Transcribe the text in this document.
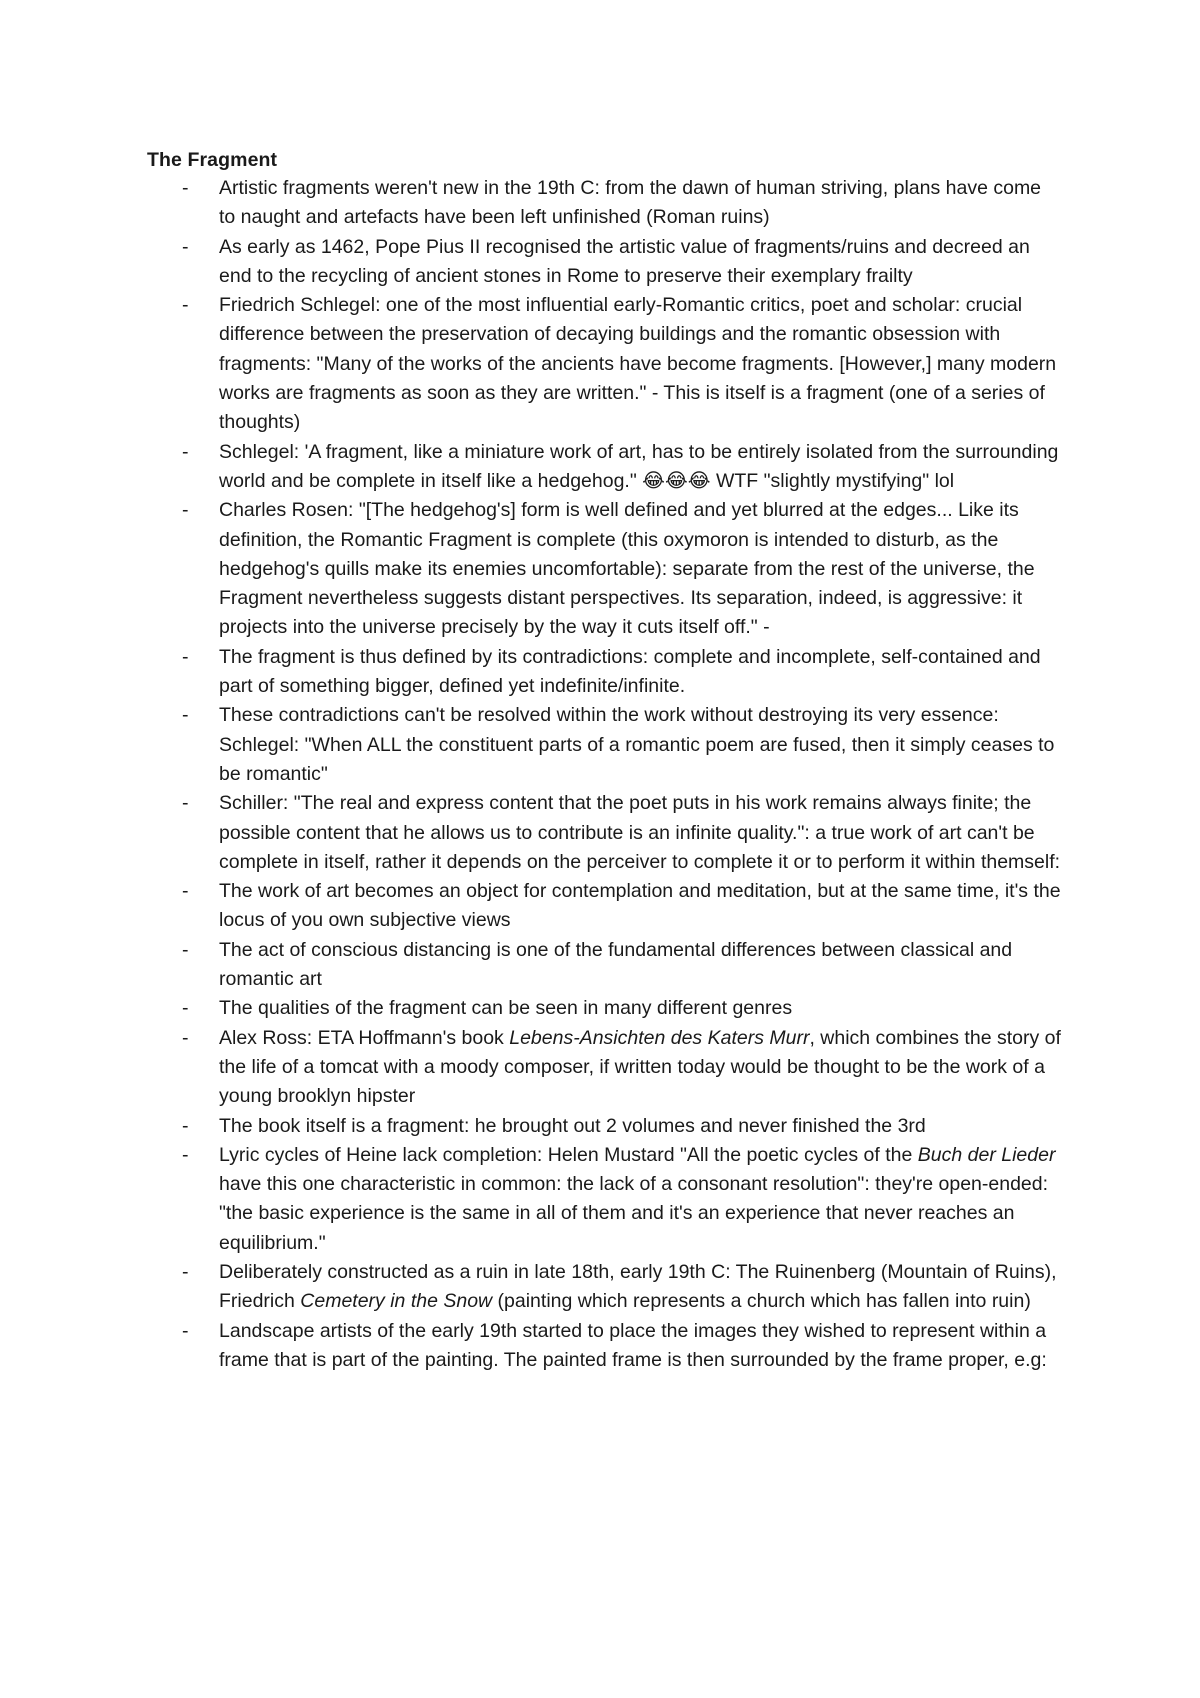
The Fragment
- Artistic fragments weren't new in the 19th C: from the dawn of human striving, plans have come to naught and artefacts have been left unfinished (Roman ruins)
- As early as 1462, Pope Pius II recognised the artistic value of fragments/ruins and decreed an end to the recycling of ancient stones in Rome to preserve their exemplary frailty
- Friedrich Schlegel: one of the most influential early-Romantic critics, poet and scholar: crucial difference between the preservation of decaying buildings and the romantic obsession with fragments: "Many of the works of the ancients have become fragments. [However,] many modern works are fragments as soon as they are written." - This is itself is a fragment (one of a series of thoughts)
- Schlegel: 'A fragment, like a miniature work of art, has to be entirely isolated from the surrounding world and be complete in itself like a hedgehog." 😂😂😂 WTF "slightly mystifying" lol
- Charles Rosen: "[The hedgehog's] form is well defined and yet blurred at the edges... Like its definition, the Romantic Fragment is complete (this oxymoron is intended to disturb, as the hedgehog's quills make its enemies uncomfortable): separate from the rest of the universe, the Fragment nevertheless suggests distant perspectives. Its separation, indeed, is aggressive: it projects into the universe precisely by the way it cuts itself off." -
- The fragment is thus defined by its contradictions: complete and incomplete, self-contained and part of something bigger, defined yet indefinite/infinite.
- These contradictions can't be resolved within the work without destroying its very essence: Schlegel: "When ALL the constituent parts of a romantic poem are fused, then it simply ceases to be romantic"
- Schiller: "The real and express content that the poet puts in his work remains always finite; the possible content that he allows us to contribute is an infinite quality.": a true work of art can't be complete in itself, rather it depends on the perceiver to complete it or to perform it within themself:
- The work of art becomes an object for contemplation and meditation, but at the same time, it's the locus of you own subjective views
- The act of conscious distancing is one of the fundamental differences between classical and romantic art
- The qualities of the fragment can be seen in many different genres
- Alex Ross: ETA Hoffmann's book Lebens-Ansichten des Katers Murr, which combines the story of the life of a tomcat with a moody composer, if written today would be thought to be the work of a young brooklyn hipster
- The book itself is a fragment: he brought out 2 volumes and never finished the 3rd
- Lyric cycles of Heine lack completion: Helen Mustard "All the poetic cycles of the Buch der Lieder have this one characteristic in common: the lack of a consonant resolution": they're open-ended: "the basic experience is the same in all of them and it's an experience that never reaches an equilibrium."
- Deliberately constructed as a ruin in late 18th, early 19th C: The Ruinenberg (Mountain of Ruins), Friedrich Cemetery in the Snow (painting which represents a church which has fallen into ruin)
- Landscape artists of the early 19th started to place the images they wished to represent within a frame that is part of the painting. The painted frame is then surrounded by the frame proper, e.g:
